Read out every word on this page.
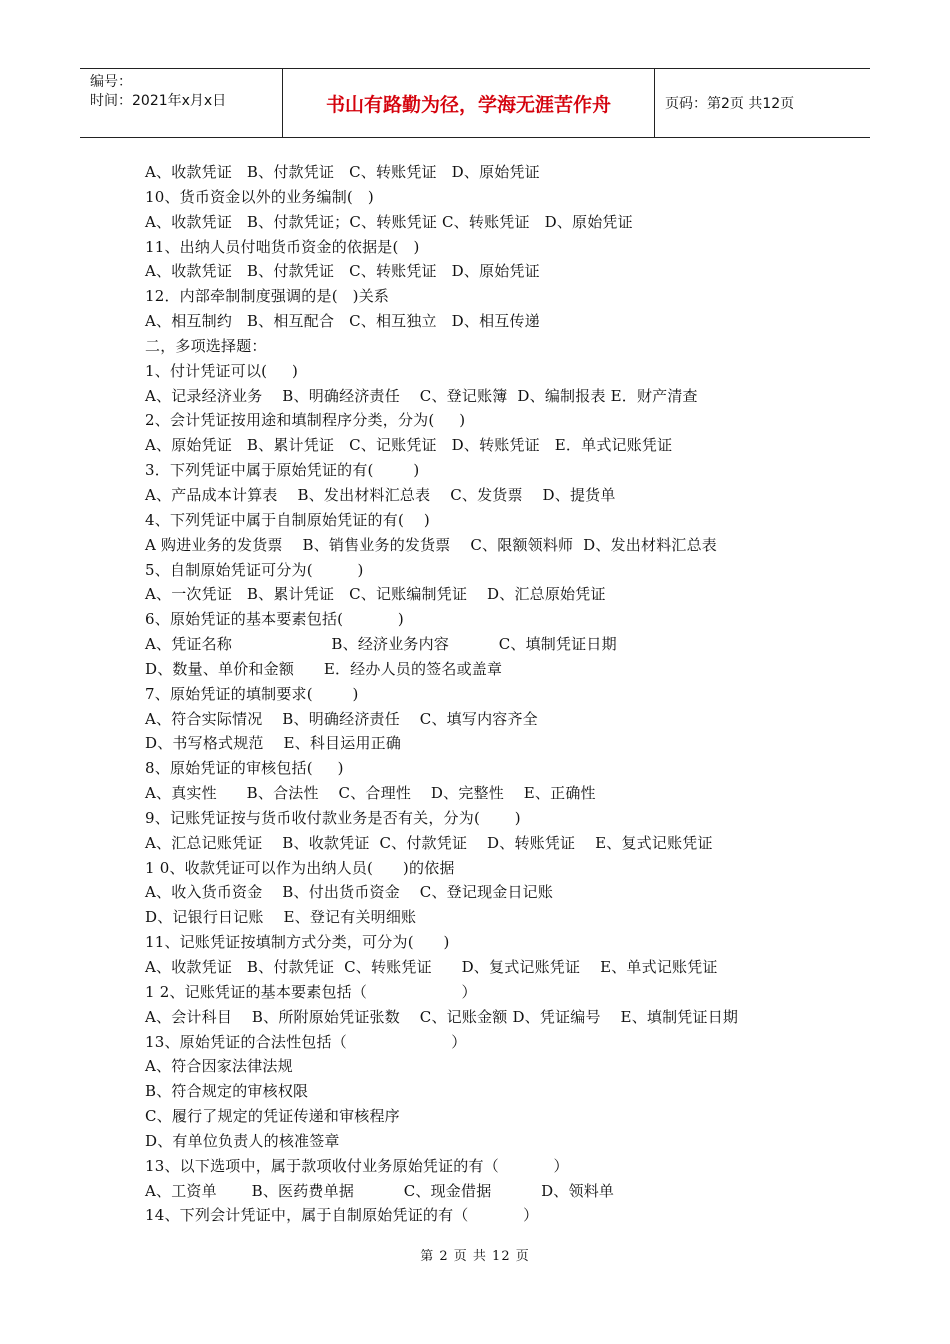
编号：
时间：2021年x月x日	书山有路勤为径，学海无涯苦作舟	页码：第2页 共12页
A、收款凭证   B、付款凭证   C、转账凭证   D、原始凭证
10、货币资金以外的业务编制(   )
A、收款凭证   B、付款凭证；C、转账凭证 C、转账凭证   D、原始凭证
11、出纳人员付咄货币资金的依据是(   )
A、收款凭证   B、付款凭证   C、转账凭证   D、原始凭证
12．内部牵制制度强调的是(   )关系
A、相互制约   B、相互配合   C、相互独立   D、相互传递
二，多项选择题：
1、付计凭证可以(     )
A、记录经济业务    B、明确经济责任    C、登记账簿  D、编制报表 E．财产清查
2、会计凭证按用途和填制程序分类，分为(     )
A、原始凭证   B、累计凭证   C、记账凭证   D、转账凭证   E．单式记账凭证
3．下列凭证中属于原始凭证的有(        )
A、产品成本计算表    B、发出材料汇总表    C、发货票    D、提货单
4、下列凭证中属于自制原始凭证的有(    )
A 购进业务的发货票    B、销售业务的发货票    C、限额领料师  D、发出材料汇总表
5、自制原始凭证可分为(         )
A、一次凭证   B、累计凭证   C、记账编制凭证    D、汇总原始凭证
6、原始凭证的基本要素包括(           )
A、凭证名称                    B、经济业务内容          C、填制凭证日期
D、数量、单价和金额      E．经办人员的签名或盖章
7、原始凭证的填制要求(        )
A、符合实际情况    B、明确经济责任    C、填写内容齐全
D、书写格式规范    E、科目运用正确
8、原始凭证的审核包括(     )
A、真实性      B、合法性    C、合理性    D、完整性    E、正确性
9、记账凭证按与货币收付款业务是否有关，分为(       )
A、汇总记账凭证    B、收款凭证  C、付款凭证    D、转账凭证    E、复式记账凭证
1 0、收款凭证可以作为出纳人员(      )的依据
A、收入货币资金    B、付出货币资金    C、登记现金日记账
D、记银行日记账    E、登记有关明细账
11、记账凭证按填制方式分类，可分为(      )
A、收款凭证   B、付款凭证  C、转账凭证      D、复式记账凭证    E、单式记账凭证
1 2、记账凭证的基本要素包括（                   ）
A、会计科目    B、所附原始凭证张数    C、记账金额 D、凭证编号    E、填制凭证日期
13、原始凭证的合法性包括（                     ）
A、符合因家法律法规
B、符合规定的审核权限
C、履行了规定的凭证传递和审核程序
D、有单位负责人的核准签章
13、以下选项中，属于款项收付业务原始凭证的有（           ）
A、工资单       B、医药费单据          C、现金借据          D、领料单
14、下列会计凭证中，属于自制原始凭证的有（           ）
第 2 页 共 12 页
